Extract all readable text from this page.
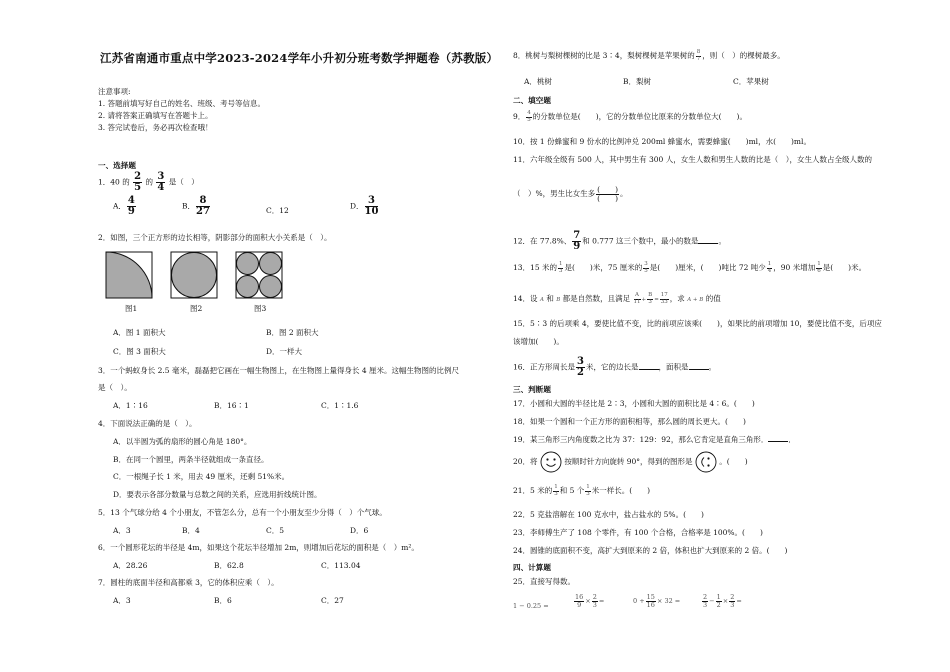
江苏省南通市重点中学2023-2024学年小升初分班考数学押题卷（苏教版）
注意事项:
1. 答题前填写好自己的姓名、班级、考号等信息。
2. 请将答案正确填写在答题卡上。
3. 答完试卷后，务必再次检查哦！
一、选择题
1．40 的 $\frac{2}{5}$ 的 $\frac{3}{4}$ 是（　）
A． $\frac{4}{9}$	B． $\frac{8}{27}$	C．12	D． $\frac{3}{10}$
2．如图，三个正方形的边长相等，阴影部分的面积大小关系是（　）。
图1	图2	图3
A．图 1 面积大	B．图 2 面积大
C．图 3 面积大	D．一样大
3．一个蚂蚁身长 2.5 毫米，磊磊把它画在一幅生物图上，在生物图上量得身长 4 厘米。这幅生物图的比例尺
是（　）。
A．1∶16	B．16∶1	C．1∶1.6
4．下面说法正确的是（　）。
A．以半圆为弧的扇形的圆心角是 180°。
B．在同一个圆里，两条半径就组成一条直径。
C．一根绳子长 1 米，用去 49 厘米，还剩 51%米。
D．要表示各部分数量与总数之间的关系，应选用折线统计图。
5．13 个气球分给 4 个小朋友，不管怎么分，总有一个小朋友至少分得（　）个气球。
A．3	B．4	C．5	D．6
6．一个圆形花坛的半径是 4m，如果这个花坛半径增加 2m，则增加后花坛的面积是（　）m²。
A．28.26	B．62.8	C．113.04
7．圆柱的底面半径和高都乘 3，它的体积应乘（　）。
A．3	B．6	C．27
8．桃树与梨树棵树的比是 3∶4，梨树棵树是苹果树的 $\frac{8}{7}$ ，则（　）的棵树最多。
A．桃树	B．梨树	C．苹果树
二、填空题
9． $\frac{4}{5}$ 的分数单位是(　　)，它的分数单位比原来的分数单位大(　　)。
10．按 1 份蜂蜜和 9 份水的比例冲兑 200ml 蜂蜜水，需要蜂蜜(　　)ml，水(　　)ml。
11．六年级全级有 500 人，其中男生有 300 人，女生人数和男生人数的比是（　），女生人数占全级人数的
（　）%，男生比女生多 $\frac{( )}{( )}$ 。
12．在 77.8%、 $\frac{7}{9}$ 和 0.777 这三个数中，最小的数是	。
13．15 米的 $\frac{1}{3}$ 是(　　)米，75 厘米的 $\frac{3}{5}$ 是(　　)厘米，(　　)吨比 72 吨少 $\frac{1}{4}$ ，90 米增加 $\frac{1}{6}$ 是(　　)米。
14．设 A 和 B 都是自然数，且满足 $\frac{A}{11} + \frac{B}{3} = \frac{17}{33}$ ，求 A + B 的值
15．5∶3 的后项乘 4，要使比值不变，比的前项应该乘(　　)，如果比的前项增加 10，要使比值不变，后项应
该增加(　　)。
16．正方形周长是 $\frac{3}{2}$ 米，它的边长是	，面积是	。
三、判断题
17．小圆和大圆的半径比是 2∶3，小圆和大圆的面积比是 4∶6。(　　)
18．如果一个圆和一个正方形的面积相等，那么圆的周长更大。(　　)
19．某三角形三内角度数之比为 37：129：92，那么它肯定是直角三角形．	．
20．将	按顺时针方向旋转 90°，得到的图形是	。(　　)
21．5 米的 $\frac{1}{3}$ 和 5 个 $\frac{1}{3}$ 米一样长。(　　)
22．5 克盐溶解在 100 克水中，盐占盐水的 5%。(　　)
23．李师傅生产了 108 个零件，有 100 个合格，合格率是 100%。(　　)
24．圆锥的底面积不变，高扩大到原来的 2 倍，体积也扩大到原来的 2 倍。(　　)
四、计算题
25．直接写得数。
1 − 0.25 =	$\frac{16}{9} \times \frac{2}{3}$ =	$0 + \frac{15}{16} \times 32$ =	$\frac{2}{3} - \frac{1}{2} \times \frac{2}{3}$ =
